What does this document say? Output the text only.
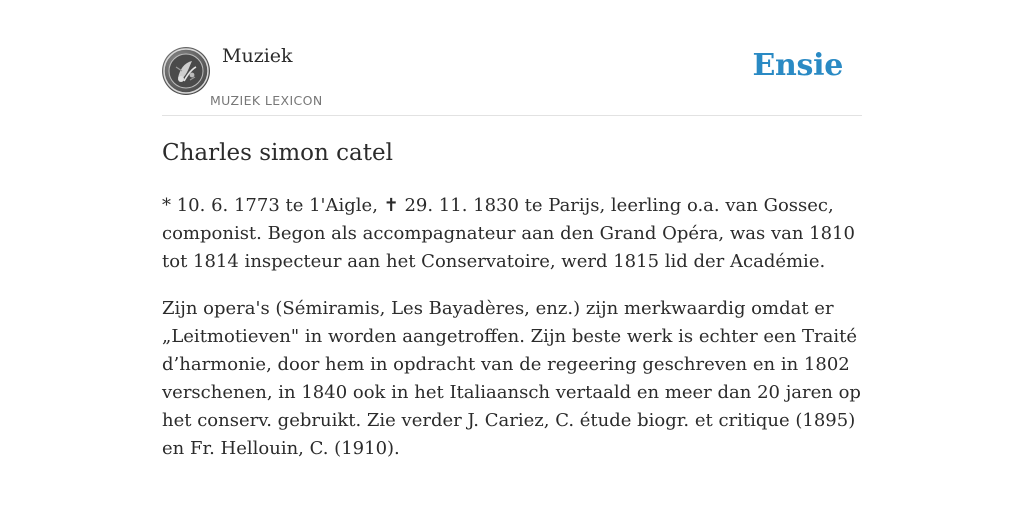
Muziek
MUZIEK LEXICON
Ensie
Charles simon catel

* 10. 6. 1773 te 1'Aigle, ✝ 29. 11. 1830 te Parijs, leerling o.a. van Gossec, componist. Begon als accompagnateur aan den Grand Opéra, was van 1810 tot 1814 inspecteur aan het Conservatoire, werd 1815 lid der Académie.

Zijn opera's (Sémiramis, Les Bayadères, enz.) zijn merkwaardig omdat er „Leitmotieven" in worden aangetroffen. Zijn beste werk is echter een Traité d’harmonie, door hem in opdracht van de regeering geschreven en in 1802 verschenen, in 1840 ook in het Italiaansch vertaald en meer dan 20 jaren op het conserv. gebruikt. Zie verder J. Cariez, C. étude biogr. et critique (1895) en Fr. Hellouin, C. (1910).
